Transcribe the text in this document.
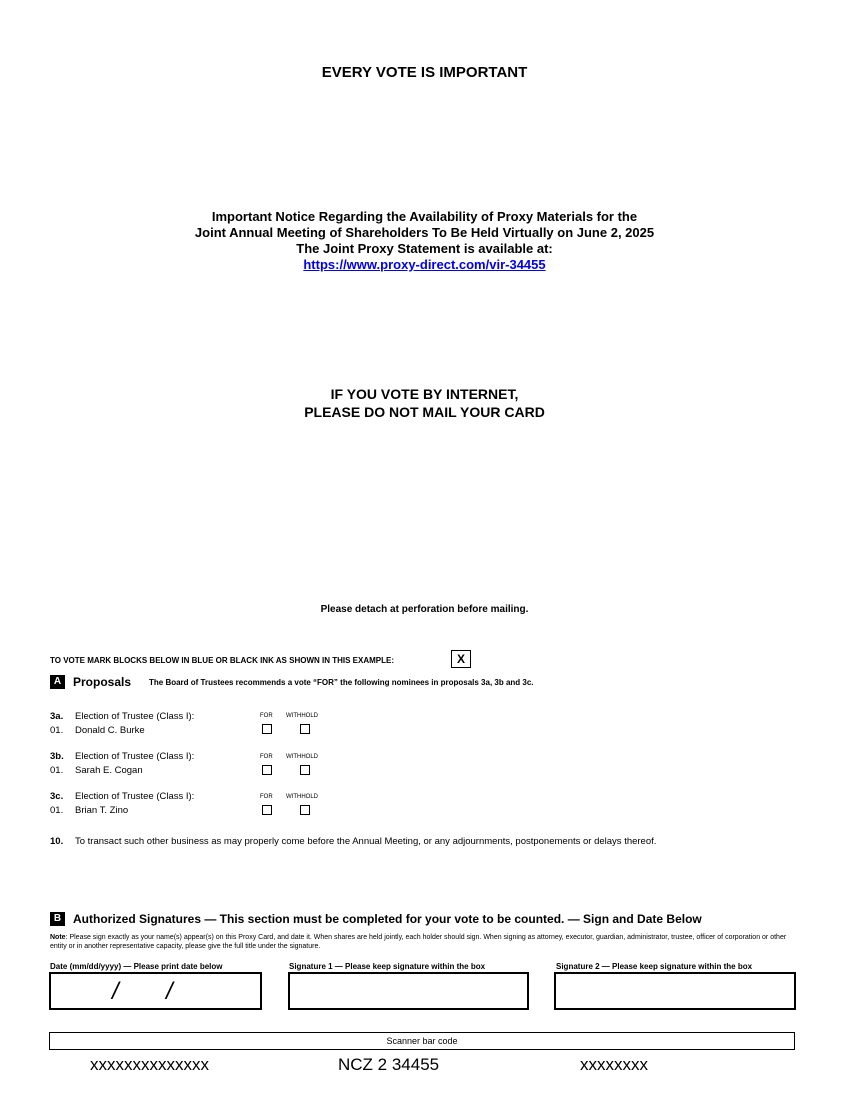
EVERY VOTE IS IMPORTANT
Important Notice Regarding the Availability of Proxy Materials for the
Joint Annual Meeting of Shareholders To Be Held Virtually on June 2, 2025
The Joint Proxy Statement is available at:
https://www.proxy-direct.com/vir-34455
IF YOU VOTE BY INTERNET,
PLEASE DO NOT MAIL YOUR CARD
Please detach at perforation before mailing.
TO VOTE MARK BLOCKS BELOW IN BLUE OR BLACK INK AS SHOWN IN THIS EXAMPLE:	X
A Proposals The Board of Trustees recommends a vote “FOR” the following nominees in proposals 3a, 3b and 3c.
3a. Election of Trustee (Class I):
01. Donald C. Burke
FOR WITHHOLD
3b. Election of Trustee (Class I):
01. Sarah E. Cogan
FOR WITHHOLD
3c. Election of Trustee (Class I):
01. Brian T. Zino
FOR WITHHOLD
10. To transact such other business as may properly come before the Annual Meeting, or any adjournments, postponements or delays thereof.
B Authorized Signatures — This section must be completed for your vote to be counted. — Sign and Date Below
Note: Please sign exactly as your name(s) appear(s) on this Proxy Card, and date it. When shares are held jointly, each holder should sign. When signing as attorney, executor, guardian, administrator, trustee, officer of corporation or other entity or in another representative capacity, please give the full title under the signature.
Date (mm/dd/yyyy) — Please print date below	Signature 1 — Please keep signature within the box	Signature 2 — Please keep signature within the box
/ /
Scanner bar code
xxxxxxxxxxxxxx	NCZ 2 34455	xxxxxxxx
